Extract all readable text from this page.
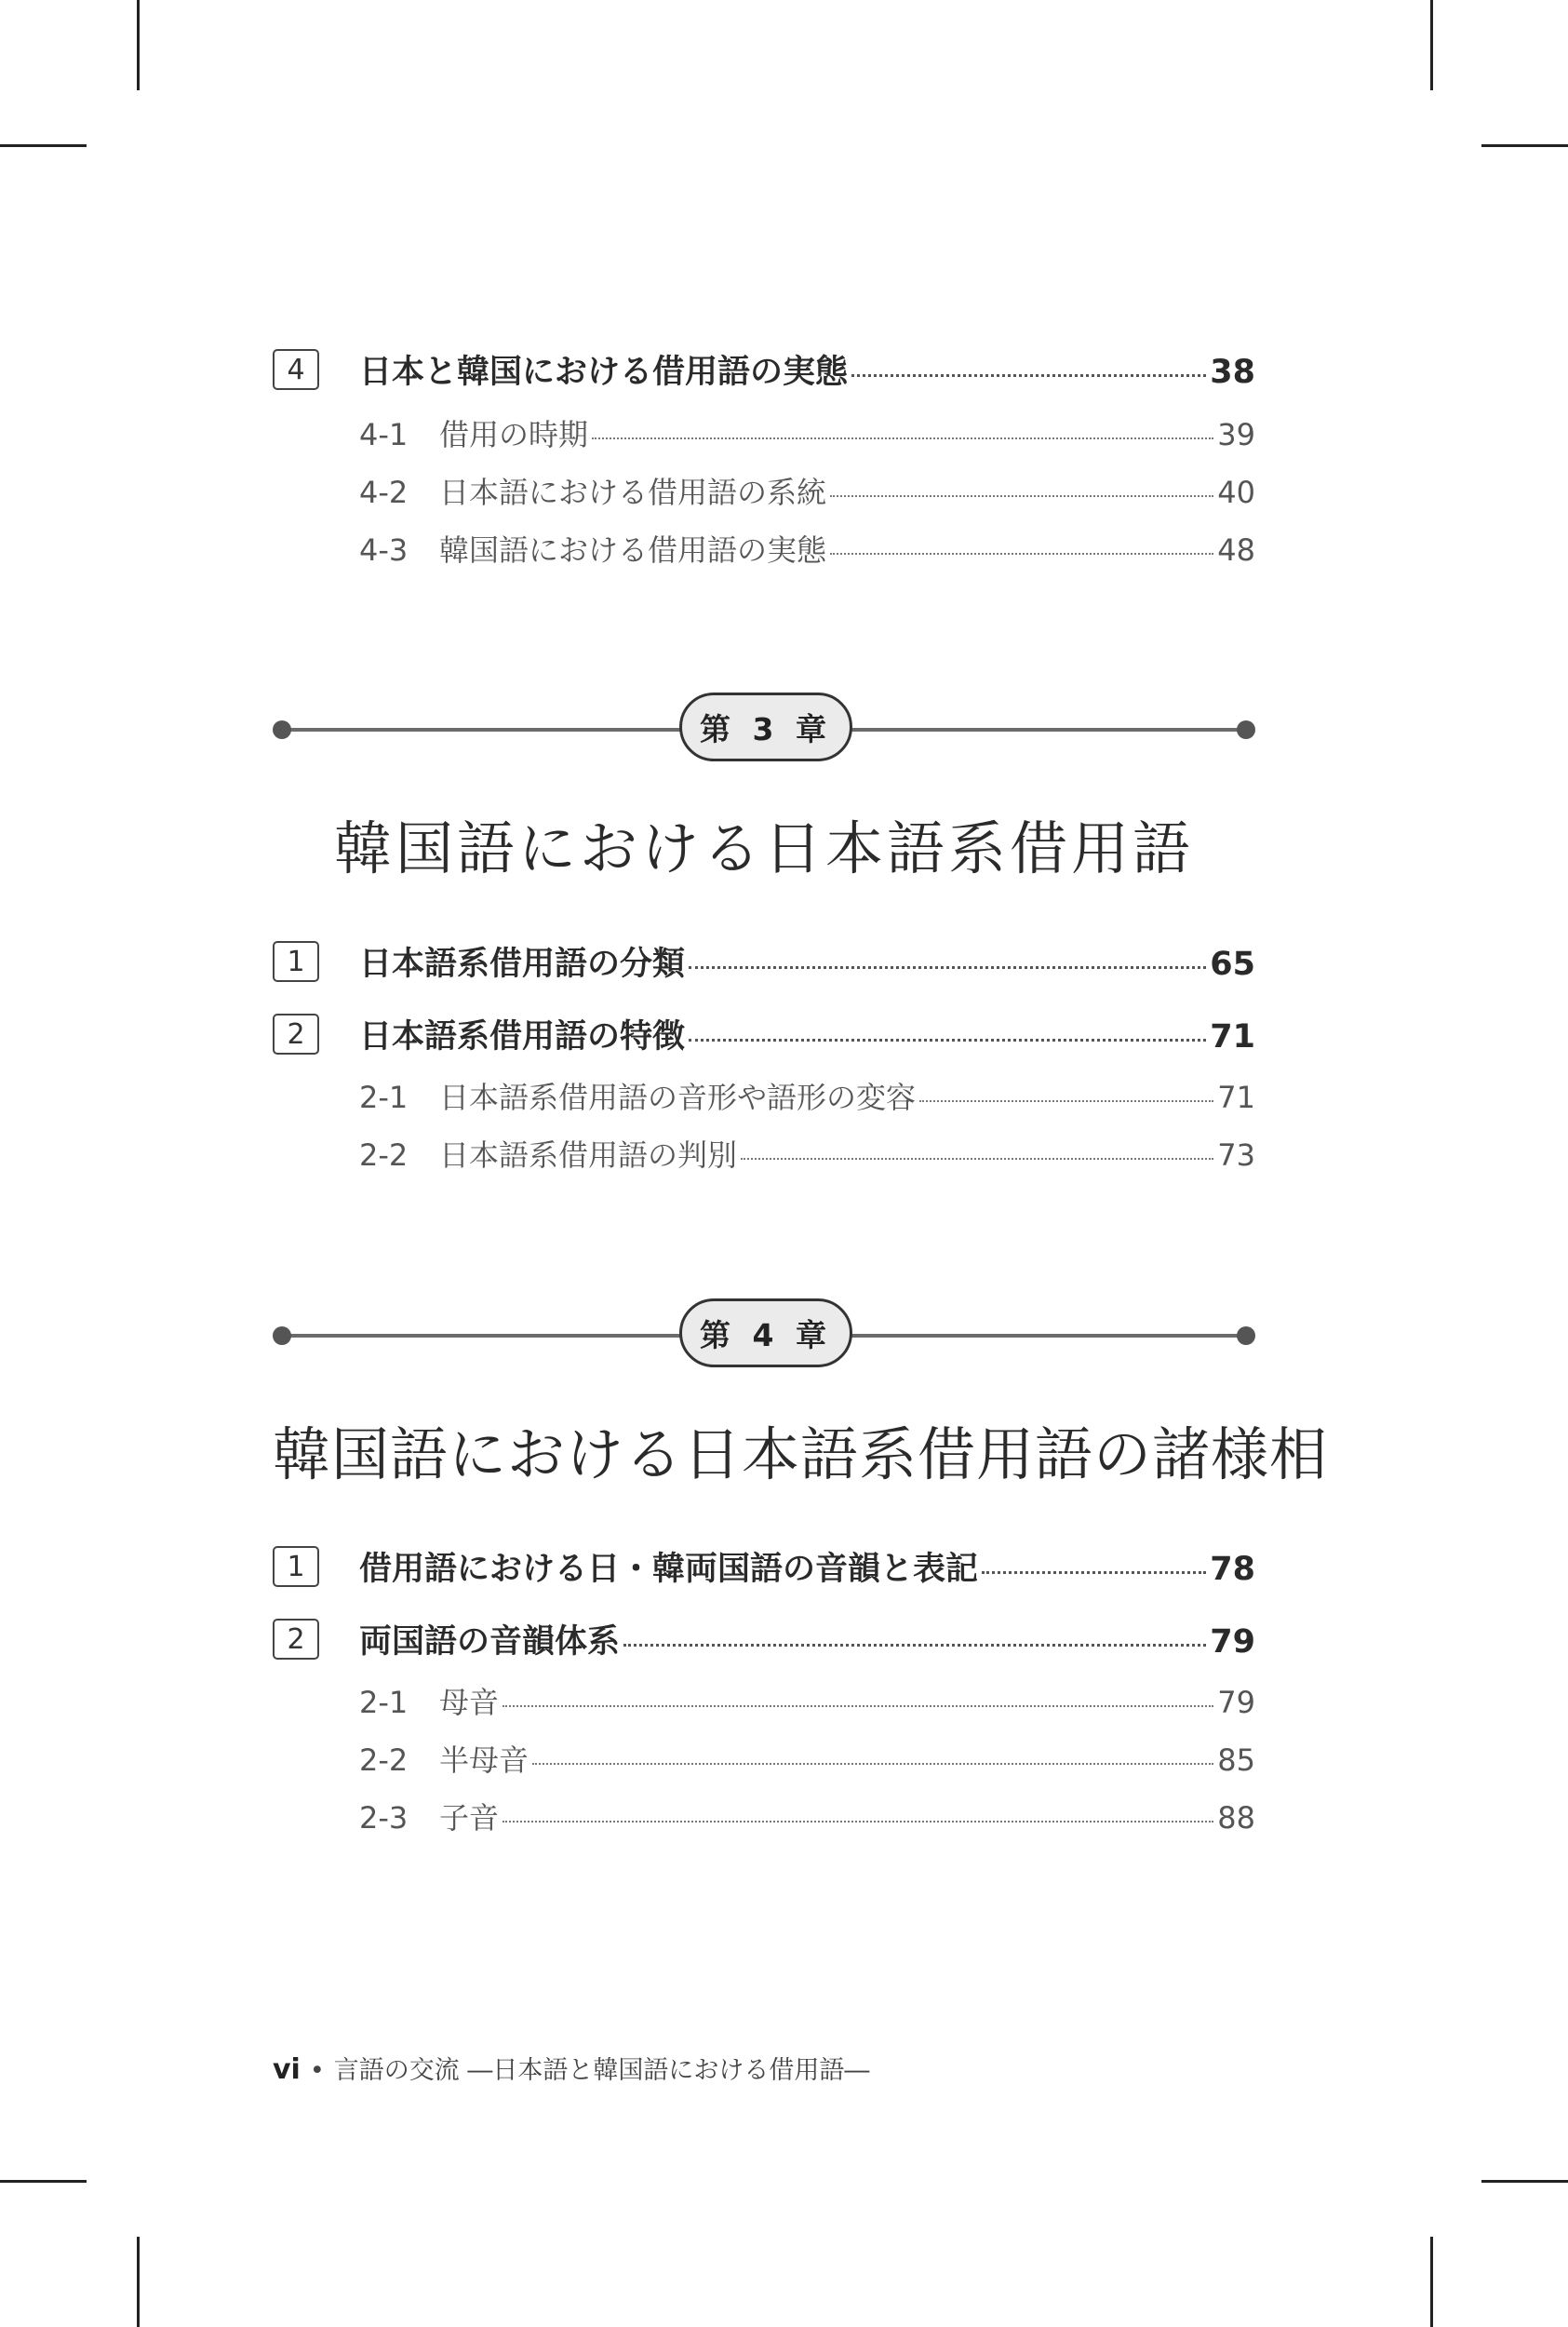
4	日本と韓国における借用語の実態	38
4-1	借用の時期	39
4-2	日本語における借用語の系統	40
4-3	韓国語における借用語の実態	48
第 3 章
韓国語における日本語系借用語
1	日本語系借用語の分類	65
2	日本語系借用語の特徴	71
2-1	日本語系借用語の音形や語形の変容	71
2-2	日本語系借用語の判別	73
第 4 章
韓国語における日本語系借用語の諸様相
1	借用語における日・韓両国語の音韻と表記	78
2	両国語の音韻体系	79
2-1	母音	79
2-2	半母音	85
2-3	子音	88
vi • 言語の交流 ―日本語と韓国語における借用語―
